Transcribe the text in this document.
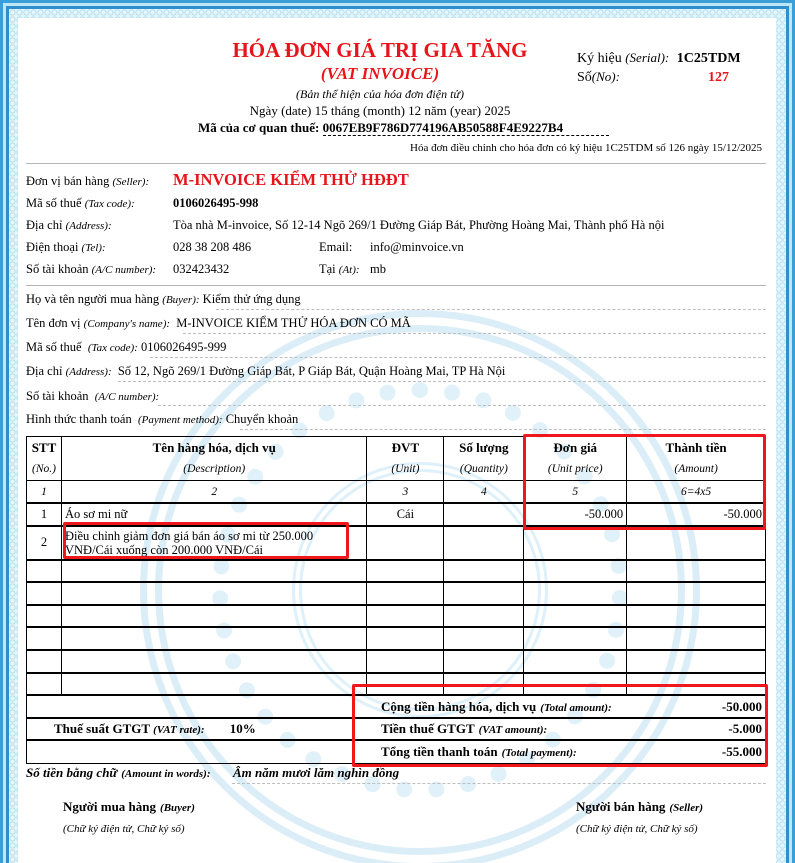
HÓA ĐƠN GIÁ TRỊ GIA TĂNG
(VAT INVOICE)
(Bản thể hiện của hóa đơn điện tử)
Ngày (date) 15 tháng (month) 12 năm (year) 2025
Mã của cơ quan thuế: 0067EB9F786D774196AB50588F4E9227B4
Hóa đơn điều chỉnh cho hóa đơn có ký hiệu 1C25TDM số 126 ngày 15/12/2025
Ký hiệu (Serial): 1C25TDM
Số(No):	127
Đơn vị bán hàng (Seller): M-INVOICE KIỂM THỬ HĐĐT
Mã số thuế (Tax code):	0106026495-998
Địa chỉ (Address):	Tòa nhà M-invoice, Số 12-14 Ngõ 269/1 Đường Giáp Bát, Phường Hoàng Mai, Thành phố Hà nội
Điện thoại (Tel):	028 38 208 486	Email: info@minvoice.vn
Số tài khoản (A/C number): 032423432	Tại (At): mb
Họ và tên người mua hàng (Buyer): Kiểm thử ứng dụng
Tên đơn vị (Company's name): M-INVOICE KIỂM THỬ HÓA ĐƠN CÓ MÃ
Mã số thuế (Tax code): 0106026495-999
Địa chỉ (Address): Số 12, Ngõ 269/1 Đường Giáp Bát, P Giáp Bát, Quận Hoàng Mai, TP Hà Nội
Số tài khoản (A/C number):
Hình thức thanh toán (Payment method): Chuyển khoản
STT	Tên hàng hóa, dịch vụ	ĐVT	Số lượng	Đơn giá	Thành tiền
(No.)	(Description)	(Unit)	(Quantity)	(Unit price)	(Amount)
1	2	3	4	5	6=4x5
1	Áo sơ mi nữ	Cái		-50.000	-50.000
2	Điều chỉnh giảm đơn giá bán áo sơ mi từ 250.000 VNĐ/Cái xuống còn 200.000 VNĐ/Cái				

		Cộng tiền hàng hóa, dịch vụ (Total amount):			-50.000
Thuế suất GTGT (VAT rate): 10%		Tiền thuế GTGT (VAT amount):			-5.000
		Tổng tiền thanh toán (Total payment):			-55.000
Số tiền bằng chữ (Amount in words): Âm năm mươi lăm nghìn đồng
Người mua hàng (Buyer)
(Chữ ký điện tử, Chữ ký số)
Người bán hàng (Seller)
(Chữ ký điện tử, Chữ ký số)
